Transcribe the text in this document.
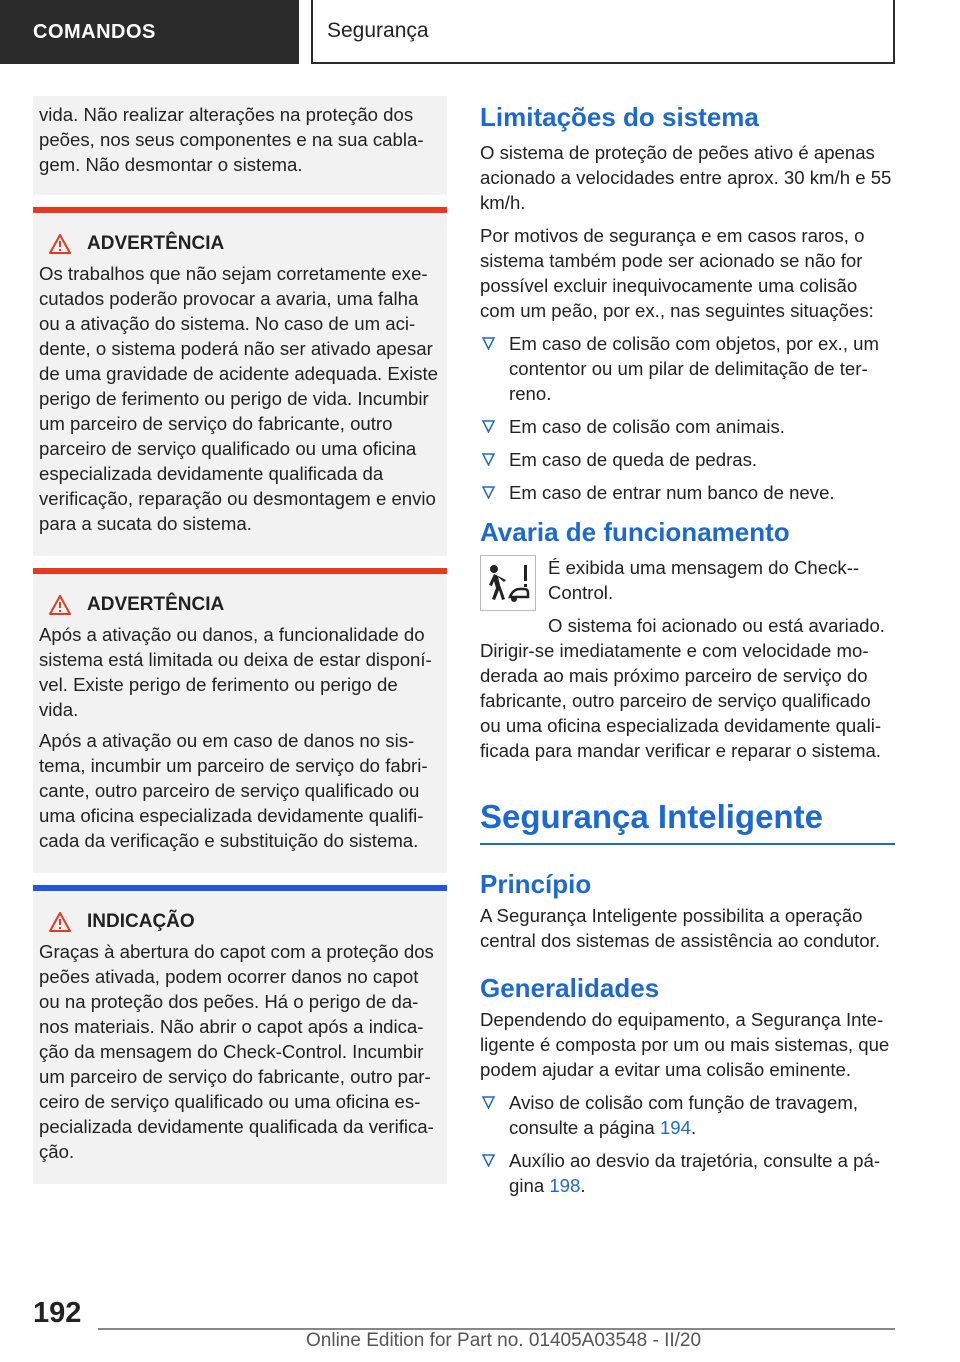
COMANDOS	Segurança

vida. Não realizar alterações na proteção dos peões, nos seus componentes e na sua cabla-gem. Não desmontar o sistema.

ADVERTÊNCIA

Os trabalhos que não sejam corretamente exe-cutados poderão provocar a avaria, uma falha ou a ativação do sistema. No caso de um aci-dente, o sistema poderá não ser ativado apesar de uma gravidade de acidente adequada. Existe perigo de ferimento ou perigo de vida. Incumbir um parceiro de serviço do fabricante, outro parceiro de serviço qualificado ou uma oficina especializada devidamente qualificada da verificação, reparação ou desmontagem e envio para a sucata do sistema.

ADVERTÊNCIA

Após a ativação ou danos, a funcionalidade do sistema está limitada ou deixa de estar disponí-vel. Existe perigo de ferimento ou perigo de vida.

Após a ativação ou em caso de danos no sis-tema, incumbir um parceiro de serviço do fabri-cante, outro parceiro de serviço qualificado ou uma oficina especializada devidamente qualifi-cada da verificação e substituição do sistema.

INDICAÇÃO

Graças à abertura do capot com a proteção dos peões ativada, podem ocorrer danos no capot ou na proteção dos peões. Há o perigo de da-nos materiais. Não abrir o capot após a indica-ção da mensagem do Check-Control. Incumbir um parceiro de serviço do fabricante, outro par-ceiro de serviço qualificado ou uma oficina es-pecializada devidamente qualificada da verifica-ção.

Limitações do sistema

O sistema de proteção de peões ativo é apenas acionado a velocidades entre aprox. 30 km/h e 55 km/h.

Por motivos de segurança e em casos raros, o sistema também pode ser acionado se não for possível excluir inequivocamente uma colisão com um peão, por ex., nas seguintes situações:

Em caso de colisão com objetos, por ex., um contentor ou um pilar de delimitação de ter-reno.
Em caso de colisão com animais.
Em caso de queda de pedras.
Em caso de entrar num banco de neve.
Avaria de funcionamento

É exibida uma mensagem do Check--Control.

O sistema foi acionado ou está avariado.

Dirigir-se imediatamente e com velocidade mo-derada ao mais próximo parceiro de serviço do fabricante, outro parceiro de serviço qualificado ou uma oficina especializada devidamente quali-ficada para mandar verificar e reparar o sistema.

Segurança Inteligente
Princípio

A Segurança Inteligente possibilita a operação central dos sistemas de assistência ao condutor.

Generalidades

Dependendo do equipamento, a Segurança Inte-ligente é composta por um ou mais sistemas, que podem ajudar a evitar uma colisão eminente.

Aviso de colisão com função de travagem, consulte a página 194.
Auxílio ao desvio da trajetória, consulte a pá-gina 198.
192
Online Edition for Part no. 01405A03548 - II/20
